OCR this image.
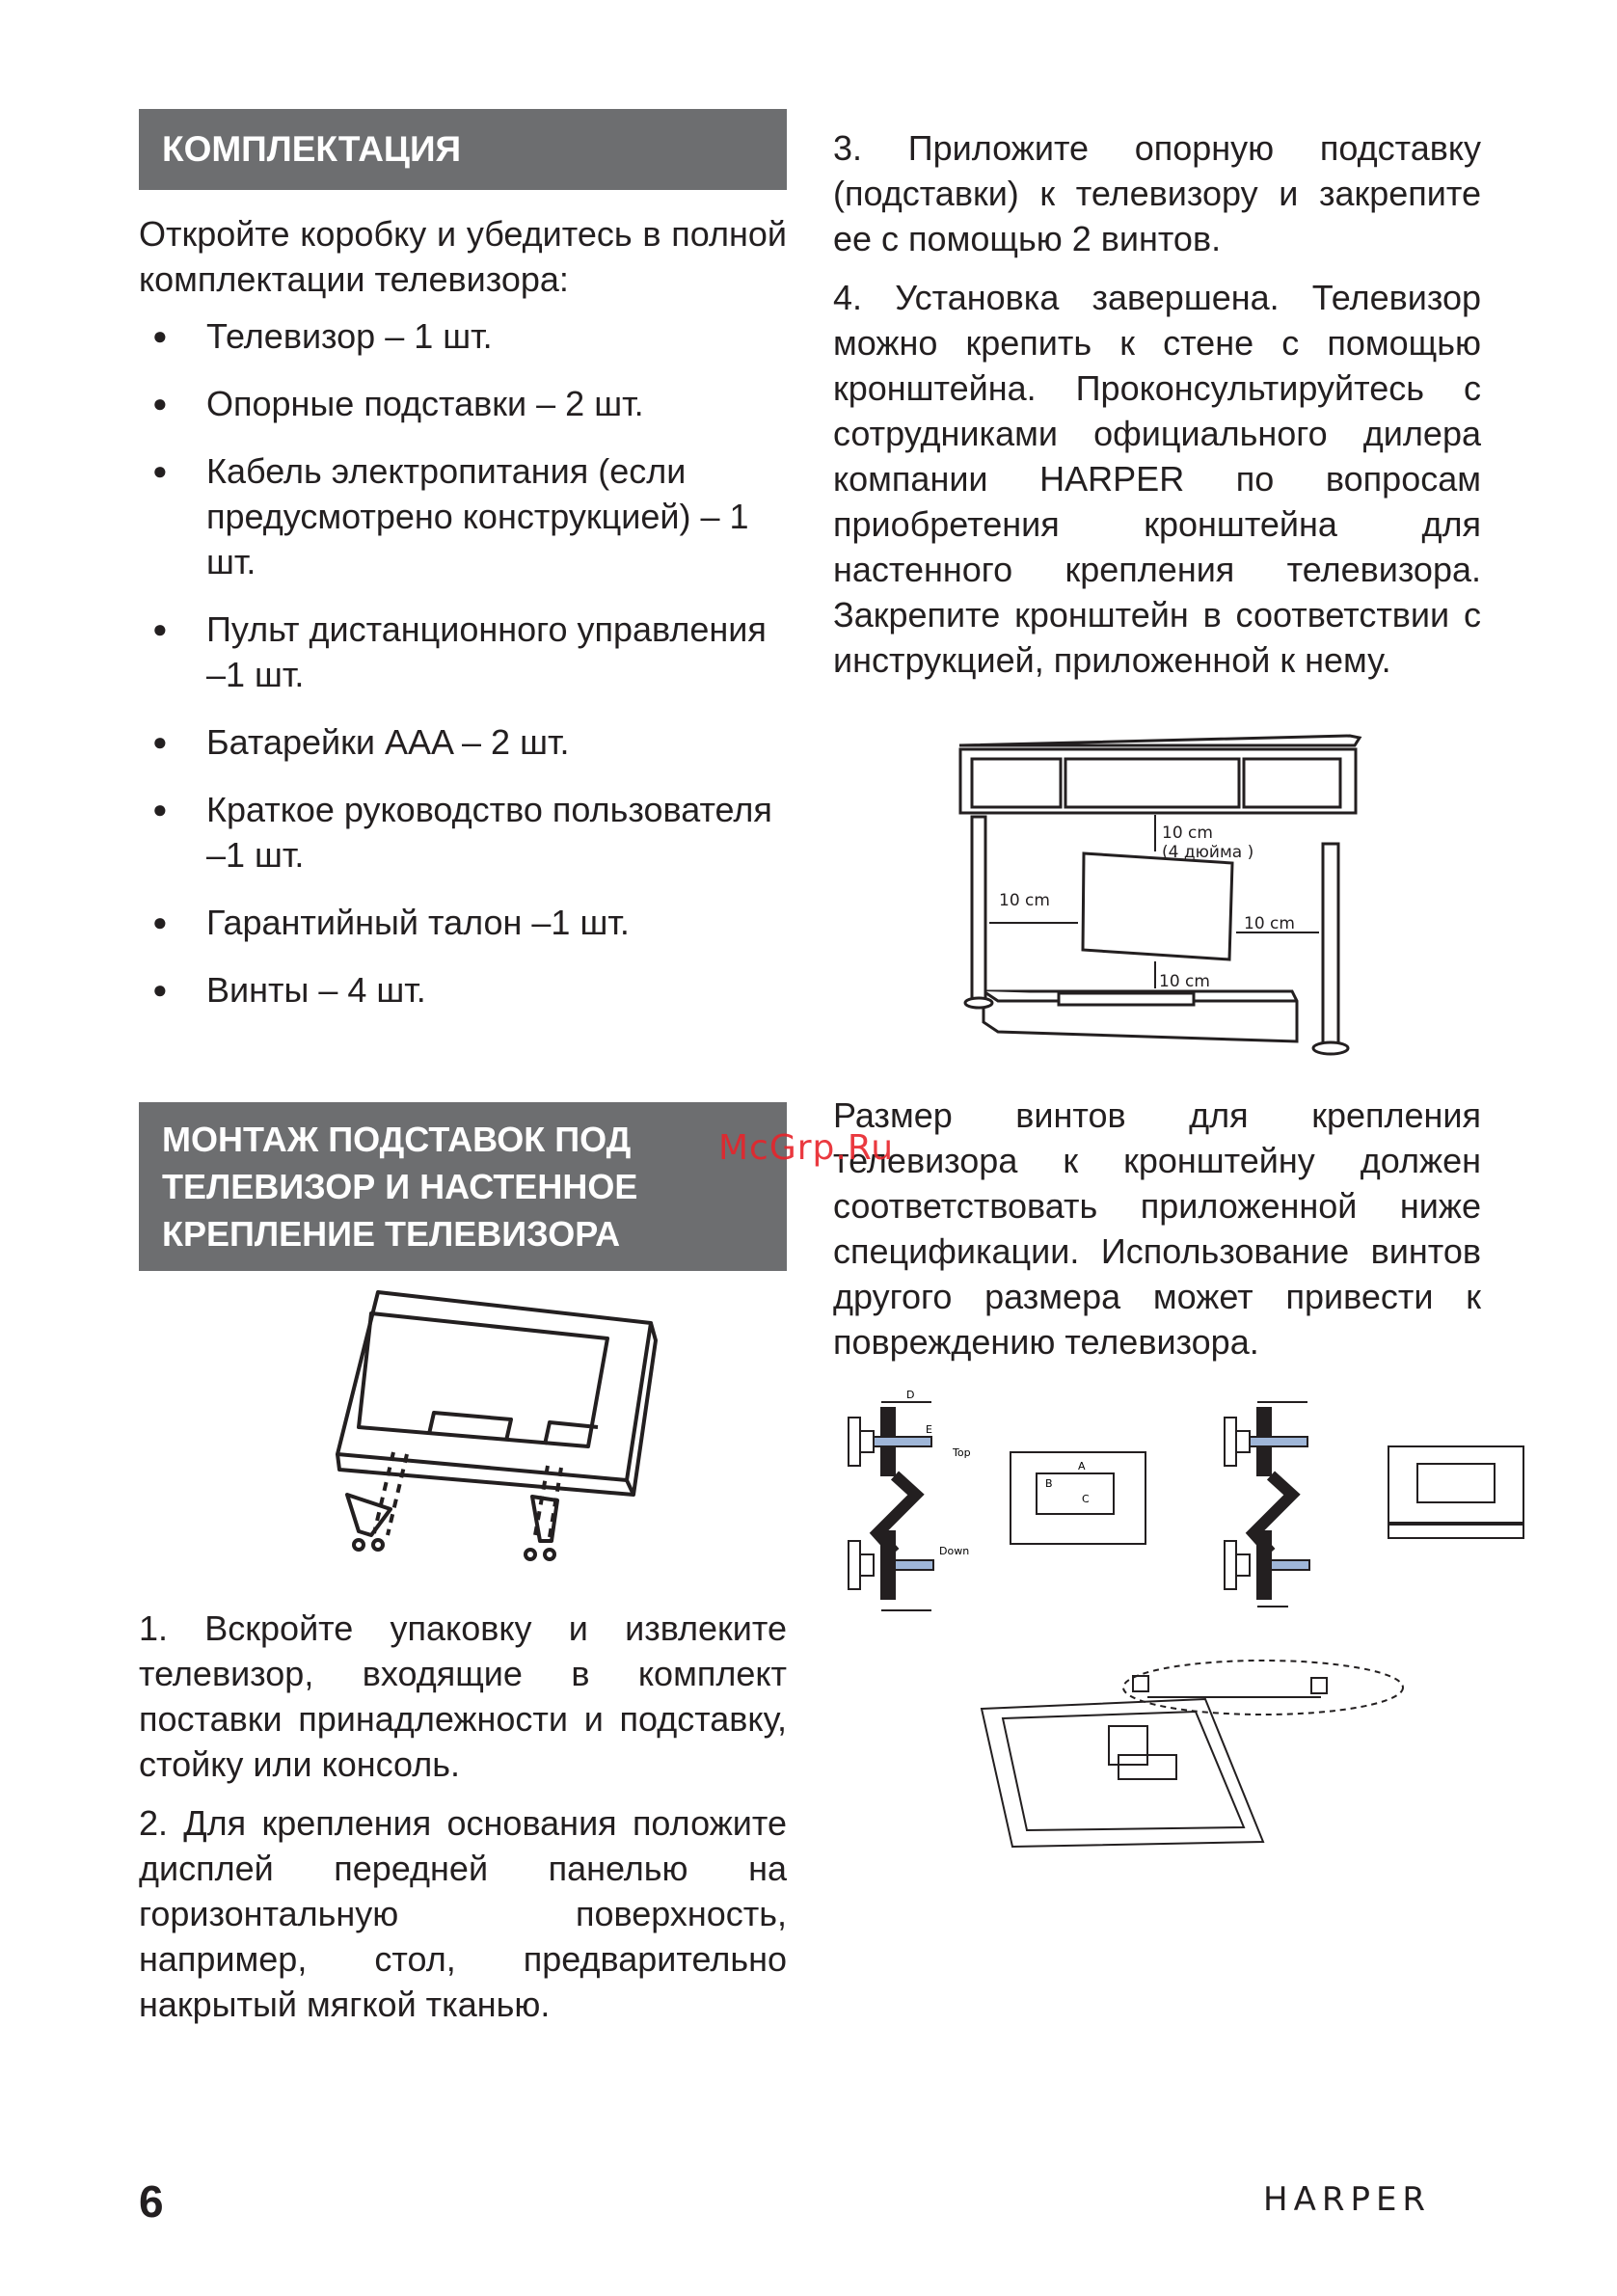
КОМПЛЕКТАЦИЯ

Откройте коробку и убедитесь в полной комплектации телевизора:

● Телевизор – 1 шт.
● Опорные подставки – 2 шт.
● Кабель электропитания (если предусмотрено конструкцией) – 1 шт.
● Пульт дистанционного управления –1 шт.
● Батарейки AAA – 2 шт.
● Краткое руководство пользователя –1 шт.
● Гарантийный талон –1 шт.
● Винты – 4 шт.
МОНТАЖ ПОДСТАВОК ПОД ТЕЛЕВИЗОР И НАСТЕННОЕ КРЕПЛЕНИЕ ТЕЛЕВИЗОРА

1. Вскройте упаковку и извлеките телевизор, входящие в комплект поставки принадлежности и подставку, стойку или консоль.

2. Для крепления основания положите дисплей передней панелью на горизонтальную поверхность, например, стол, предварительно накрытый мягкой тканью.

3. Приложите опорную подставку (подставки) к телевизору и закрепите ее с помощью 2 винтов.

4. Установка завершена. Телевизор можно крепить к стене с помощью кронштейна. Проконсультируйтесь с сотрудниками официального дилера компании HARPER по вопросам приобретения кронштейна для настенного крепления телевизора. Закрепите кронштейн в соответствии с инструкцией, приложенной к нему.

10 cm
(4 дюйма )
10 cm
10 cm
10 cm

Размер винтов для крепления телевизора к кронштейну должен соответствовать приложенной ниже спецификации. Использование винтов другого размера может привести к повреждению телевизора.

D
E
Top
Down
A
B
C
McGrp.Ru
6	HARPER
